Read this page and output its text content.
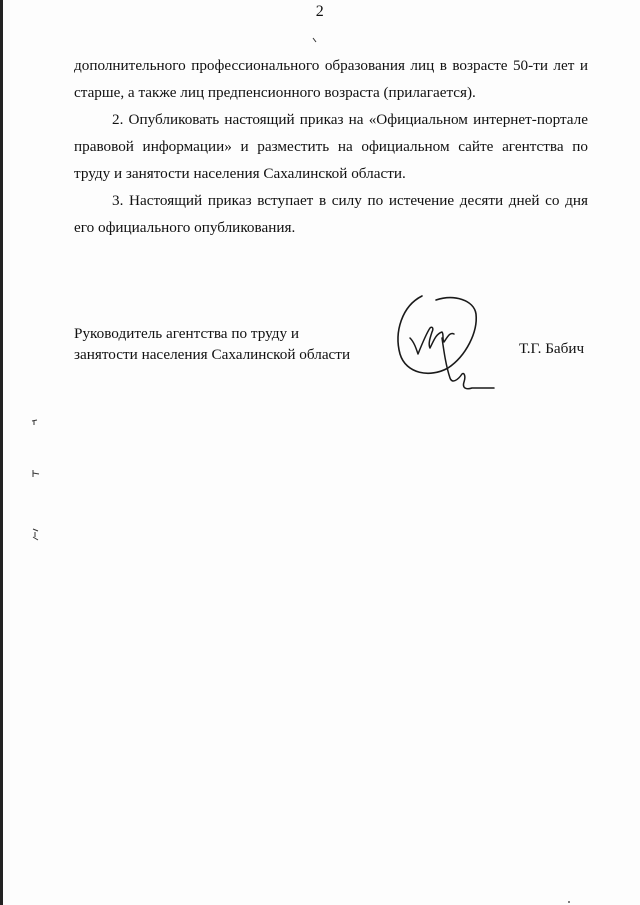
2

дополнительного профессионального образования лиц в возрасте 50-ти лет и старше, а также лиц предпенсионного возраста (прилагается).

2. Опубликовать настоящий приказ на «Официальном интернет-портале правовой информации» и разместить на официальном сайте агентства по труду и занятости населения Сахалинской области.

3. Настоящий приказ вступает в силу по истечение десяти дней со дня его официального опубликования.

Руководитель агентства по труду и
занятости населения Сахалинской области	Т.Г. Бабич
